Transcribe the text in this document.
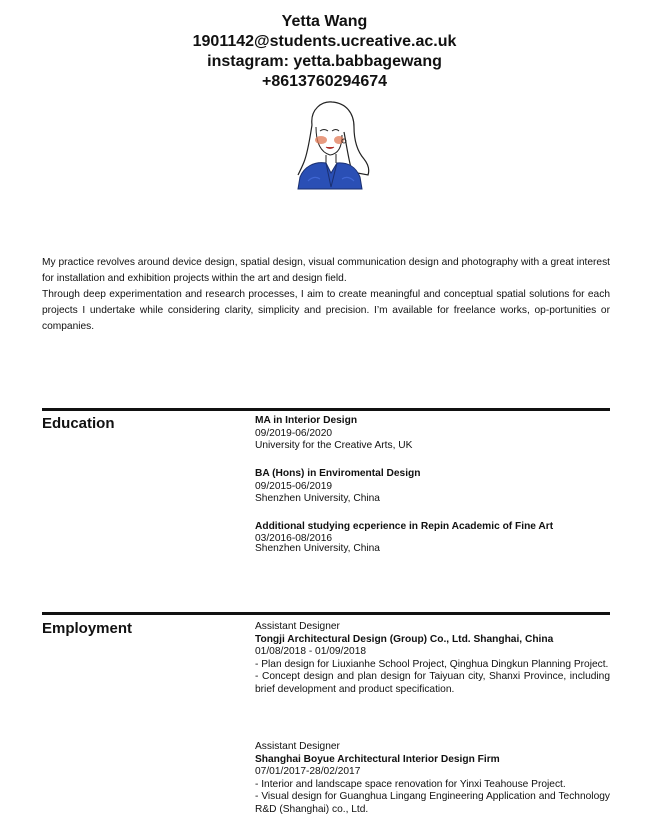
Yetta Wang
1901142@students.ucreative.ac.uk
instagram: yetta.babbagewang
+8613760294674

My practice revolves around device design, spatial design, visual communication design and photography with a great interest for installation and exhibition projects within the art and design field.

Through deep experimentation and research processes, I aim to create meaningful and conceptual spatial solutions for each projects I undertake while considering clarity, simplicity and precision. I’m available for freelance works, op-portunities or companies.

Education	MA in Interior Design
09/2019-06/2020
University for the Creative Arts, UK
BA (Hons) in Enviromental Design
09/2015-06/2019
Shenzhen University, China
Additional studying ecperience in Repin Academic of Fine Art
03/2016-08/2016
Shenzhen University, China
Employment	Assistant Designer
Tongji Architectural Design (Group) Co., Ltd. Shanghai, China
01/08/2018 - 01/09/2018
- Plan design for Liuxianhe School Project, Qinghua Dingkun Planning Project.
- Concept design and plan design for Taiyuan city, Shanxi Province, including brief development and product specification.
Assistant Designer
Shanghai Boyue Architectural Interior Design Firm
07/01/2017-28/02/2017
- Interior and landscape space renovation for Yinxi Teahouse Project.
- Visual design for Guanghua Lingang Engineering Application and Technology R&D (Shanghai) co., Ltd.
